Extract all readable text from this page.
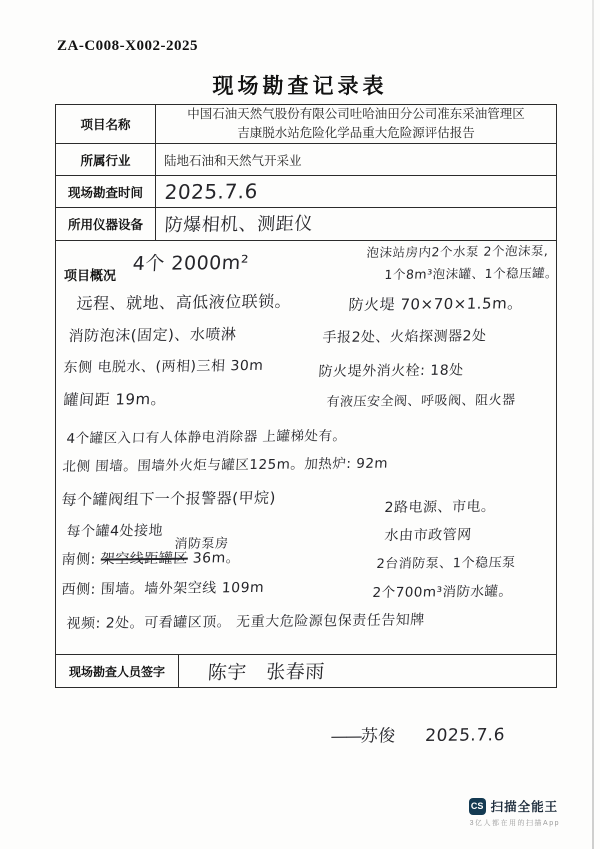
ZA-C008-X002-2025
现场勘查记录表
项目名称
中国石油天然气股份有限公司吐哈油田分公司准东采油管理区
吉康脱水站危险化学品重大危险源评估报告
所属行业	陆地石油和天然气开采业
现场勘查时间	2025.7.6
所用仪器设备	防爆相机、测距仪
项目概况
4个 2000m²
泡沫站房内2个水泵 2个泡沫泵,
1个8m³泡沫罐、1个稳压罐。
远程、就地、高低液位联锁。	防火堤 70×70×1.5m。
消防泡沫(固定)、水喷淋	手报2处、火焰探测器2处
东侧 电脱水、(两相)三相 30m	防火堤外消火栓: 18处
罐间距 19m。	有液压安全阀、呼吸阀、阻火器
4个罐区入口有人体静电消除器 上罐梯处有。
北侧 围墙。围墙外火炬与罐区125m。加热炉: 92m
每个罐阀组下一个报警器(甲烷)	2路电源、市电。
每个罐4处接地
消防泵房
水由市政管网
南侧: 架空线距罐区 36m。	2台消防泵、1个稳压泵
西侧: 围墙。墙外架空线 109m	2个700m³消防水罐。
视频: 2处。可看罐区顶。 无重大危险源包保责任告知牌
现场勘查人员签字	陈宇　张春雨
——苏俊 2025.7.6
CS 扫描全能王
3亿人都在用的扫描App
